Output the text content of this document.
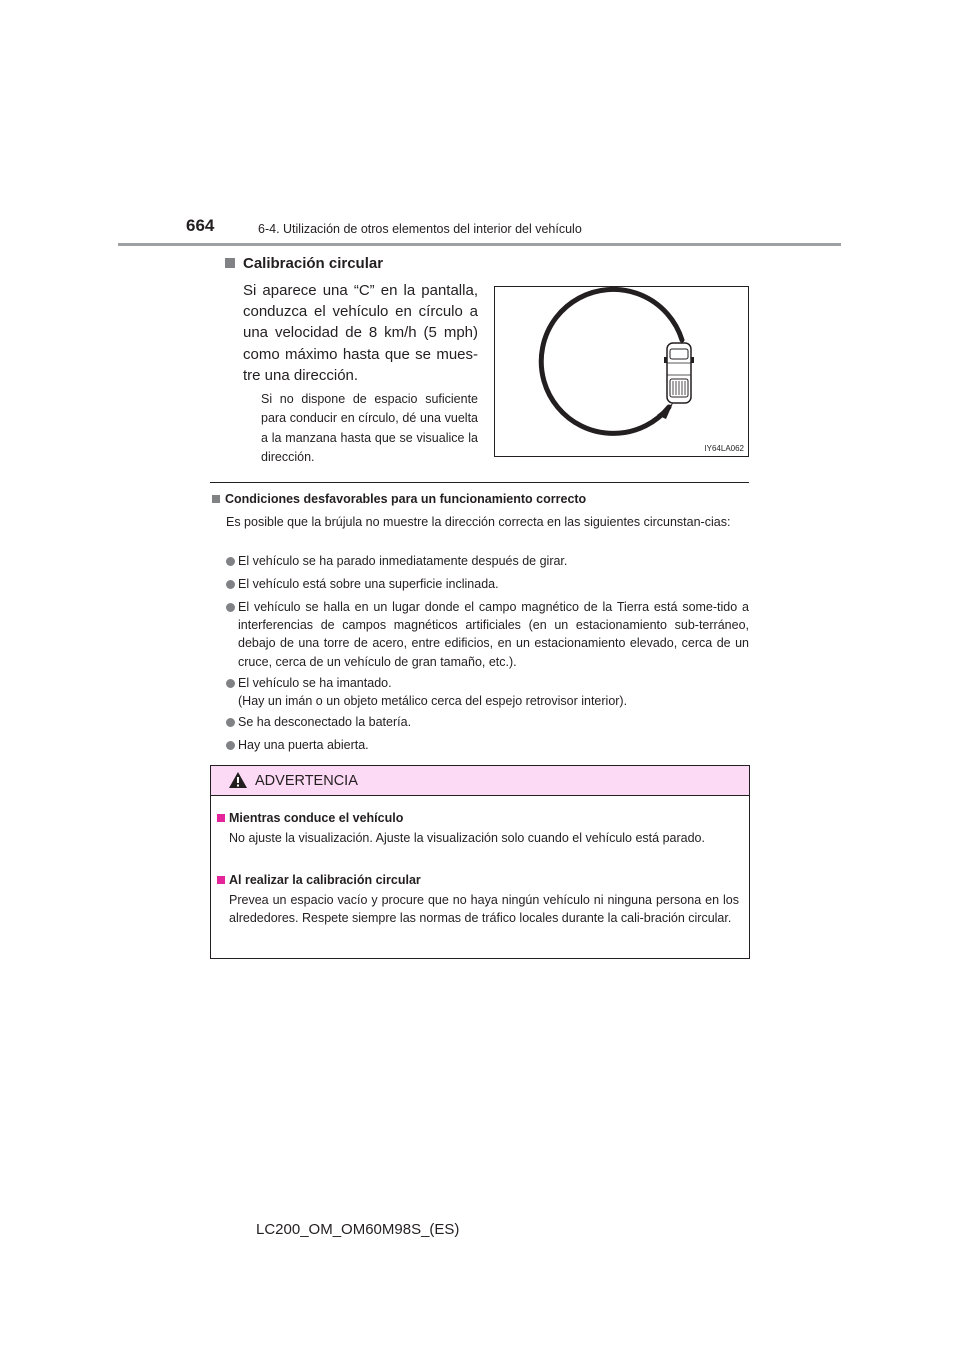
664	6-4. Utilización de otros elementos del interior del vehículo
Calibración circular
Si aparece una “C” en la pantalla, conduzca el vehículo en círculo a una velocidad de 8 km/h (5 mph) como máximo hasta que se mues-tre una dirección.
Si no dispone de espacio suficiente para conducir en círculo, dé una vuelta a la manzana hasta que se visualice la dirección.
IY64LA062
Condiciones desfavorables para un funcionamiento correcto
Es posible que la brújula no muestre la dirección correcta en las siguientes circunstan-cias:
El vehículo se ha parado inmediatamente después de girar.
El vehículo está sobre una superficie inclinada.
El vehículo se halla en un lugar donde el campo magnético de la Tierra está some-tido a interferencias de campos magnéticos artificiales (en un estacionamiento sub-terráneo, debajo de una torre de acero, entre edificios, en un estacionamiento elevado, cerca de un cruce, cerca de un vehículo de gran tamaño, etc.).
El vehículo se ha imantado.
(Hay un imán o un objeto metálico cerca del espejo retrovisor interior).
Se ha desconectado la batería.
Hay una puerta abierta.
ADVERTENCIA
Mientras conduce el vehículo
No ajuste la visualización. Ajuste la visualización solo cuando el vehículo está parado.
Al realizar la calibración circular
Prevea un espacio vacío y procure que no haya ningún vehículo ni ninguna persona en los alrededores. Respete siempre las normas de tráfico locales durante la cali-bración circular.
LC200_OM_OM60M98S_(ES)
